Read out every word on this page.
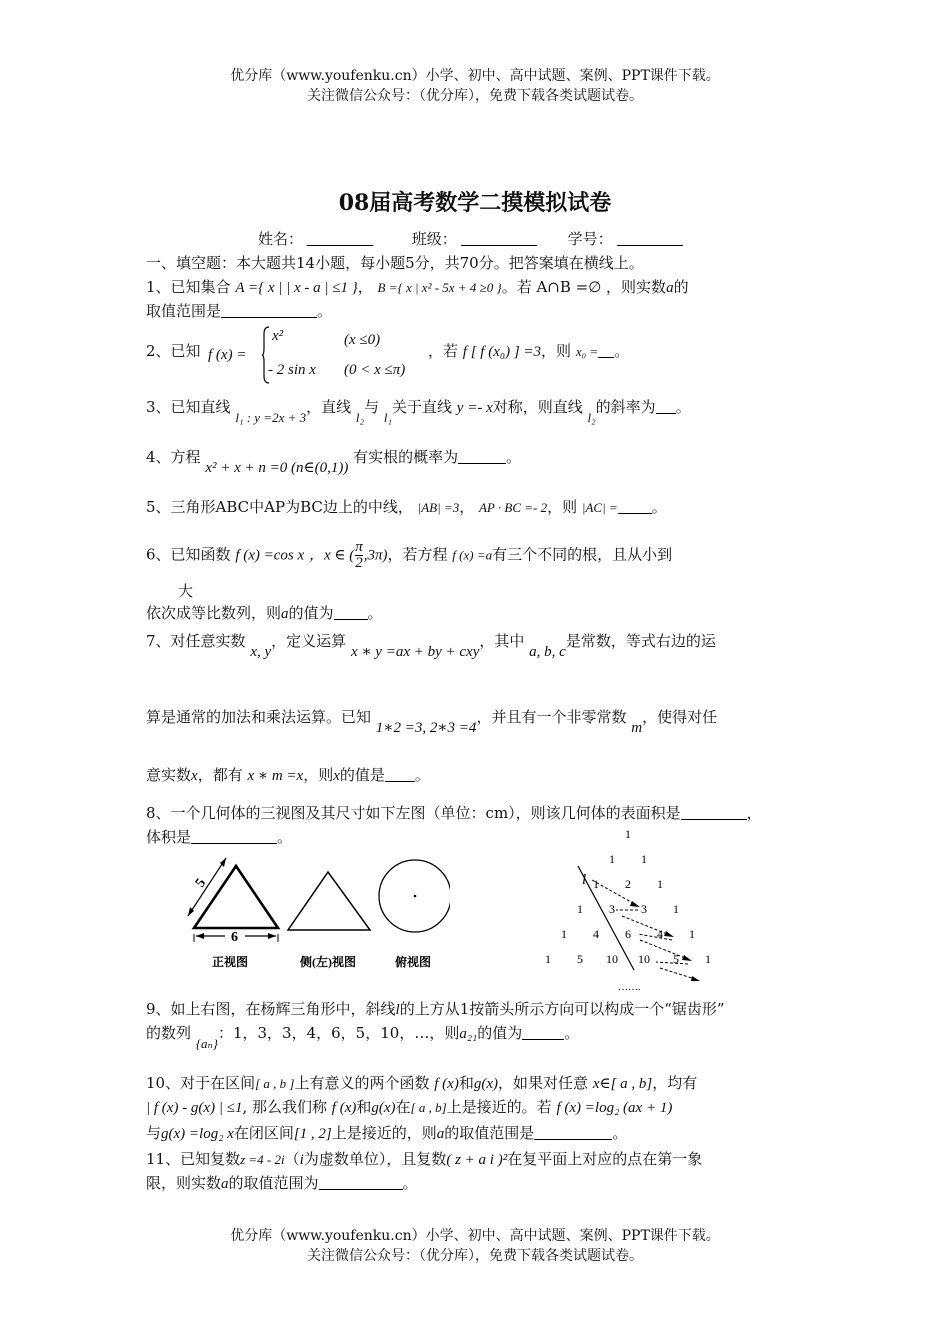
优分库（www.youfenku.cn）小学、初中、高中试题、案例、PPT课件下载。
关注微信公众号：（优分库），免费下载各类试题试卷。
08届高考数学二摸模拟试卷
姓名：	班级：	学号：
一、填空题：本大题共14小题，每小题5分，共70分。把答案填在横线上。
1、已知集合 A ={ x | | x - a | ≤1 }， B ={ x | x² - 5x + 4 ≥0 }。若 A∩B =∅ ，则实数a的
取值范围是	。
2、已知 f (x) =
x²	(x ≤0)
- 2 sin x (0 < x ≤π)
，若 f [ f (x₀) ] =3，则 x₀ = 。
3、已知直线 l₁ : y =2x + 3，直线 l₂与 l₁关于直线 y =- x对称，则直线 l₂的斜率为 。
4、方程 x² + x + n =0 (n∈(0,1)) 有实根的概率为	。
5、三角形ABC中AP为BC边上的中线， |AB| =3， AP · BC =- 2，则 |AC| = 。
6、已知函数 f (x) =cos x ，x ∈ ( $\frac{\pi}{2} ,3\pi$)，若方程 f (x) =a有三个不同的根，且从小到
大
依次成等比数列，则a的值为 。
7、对任意实数 x, y，定义运算 x ∗ y =ax + by + cxy，其中 a, b, c是常数，等式右边的运
算是通常的加法和乘法运算。已知 1∗2 =3, 2∗3 =4，并且有一个非零常数 m，使得对任
意实数x，都有 x ∗ m =x，则x的值是 。
8、一个几何体的三视图及其尺寸如下左图（单位：cm），则该几何体的表面积是	，
体积是	。
5
6
正视图	侧(左)视图	俯视图
l
1
1 1
1 2 1
1 3 3 1
1 4 6 4 1
1 5 10 10 5 1
…….
9、如上右图，在杨辉三角形中，斜线l的上方从1按箭头所示方向可以构成一个“锯齿形”
的数列 {aₙ}：1，3，3，4，6，5，10，…，则a₂₁的值为	。
10、对于在区间[ a , b ]上有意义的两个函数 f (x)和g(x)，如果对任意 x∈[ a , b]，均有
| f (x) - g(x) | ≤1, 那么我们称 f (x)和g(x)在[ a , b]上是接近的。若 f (x) =log₂ (ax + 1)
与g(x) =log₂ x在闭区间[1 , 2]上是接近的，则a的取值范围是	。
11、已知复数z =4 - 2i（i为虚数单位），且复数( z + a i )²在复平面上对应的点在第一象
限，则实数a的取值范围为	。
优分库（www.youfenku.cn）小学、初中、高中试题、案例、PPT课件下载。
关注微信公众号：（优分库），免费下载各类试题试卷。
